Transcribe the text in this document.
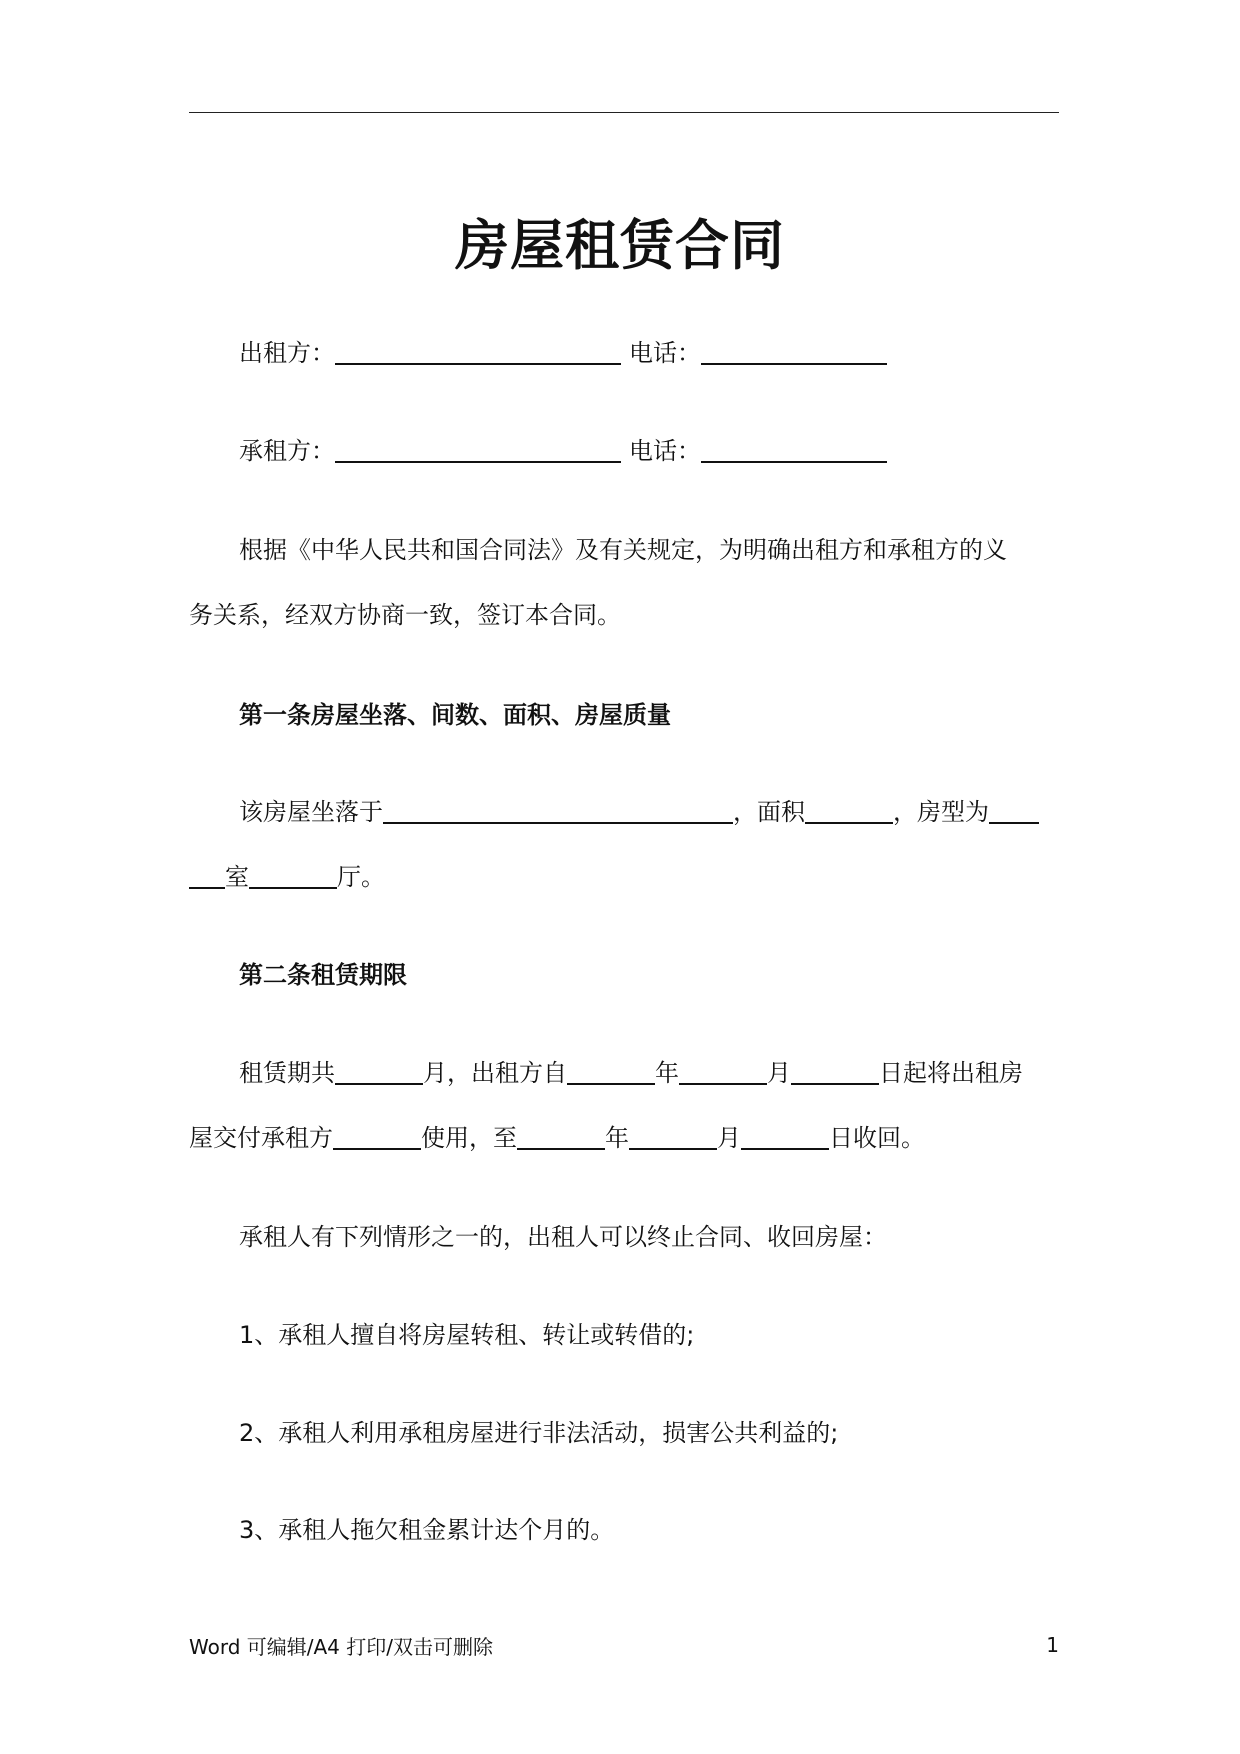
房屋租赁合同
出租方：	电话：
承租方：	电话：
根据《中华人民共和国合同法》及有关规定，为明确出租方和承租方的义
务关系，经双方协商一致，签订本合同。
第一条房屋坐落、间数、面积、房屋质量
该房屋坐落于	，面积	，房型为
室	厅。
第二条租赁期限
租赁期共	月，出租方自	年	月	日起将出租房
屋交付承租方	使用，至	年	月	日收回。
承租人有下列情形之一的，出租人可以终止合同、收回房屋：
1、承租人擅自将房屋转租、转让或转借的;
2、承租人利用承租房屋进行非法活动，损害公共利益的;
3、承租人拖欠租金累计达个月的。
Word 可编辑/A4 打印/双击可删除	1
